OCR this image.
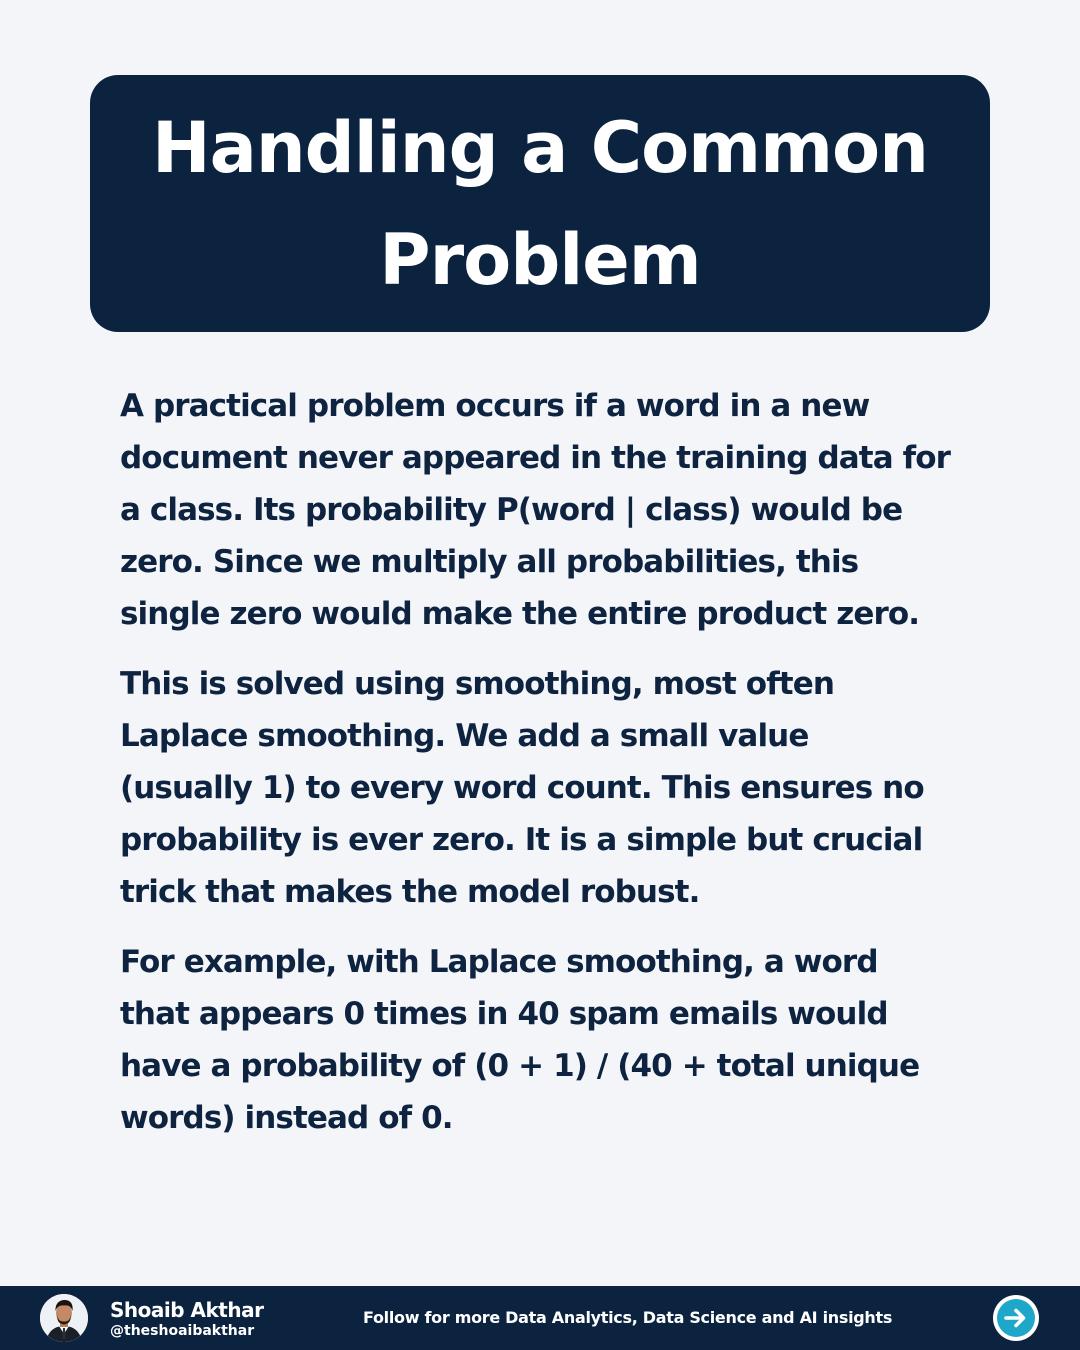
Handling a Common Problem

A practical problem occurs if a word in a new document never appeared in the training data for a class. Its probability P(word | class) would be zero. Since we multiply all probabilities, this single zero would make the entire product zero.

This is solved using smoothing, most often Laplace smoothing. We add a small value (usually 1) to every word count. This ensures no probability is ever zero. It is a simple but crucial trick that makes the model robust.

For example, with Laplace smoothing, a word that appears 0 times in 40 spam emails would have a probability of (0 + 1) / (40 + total unique words) instead of 0.

Shoaib Akthar
@theshoaibakthar
Follow for more Data Analytics, Data Science and AI insights
